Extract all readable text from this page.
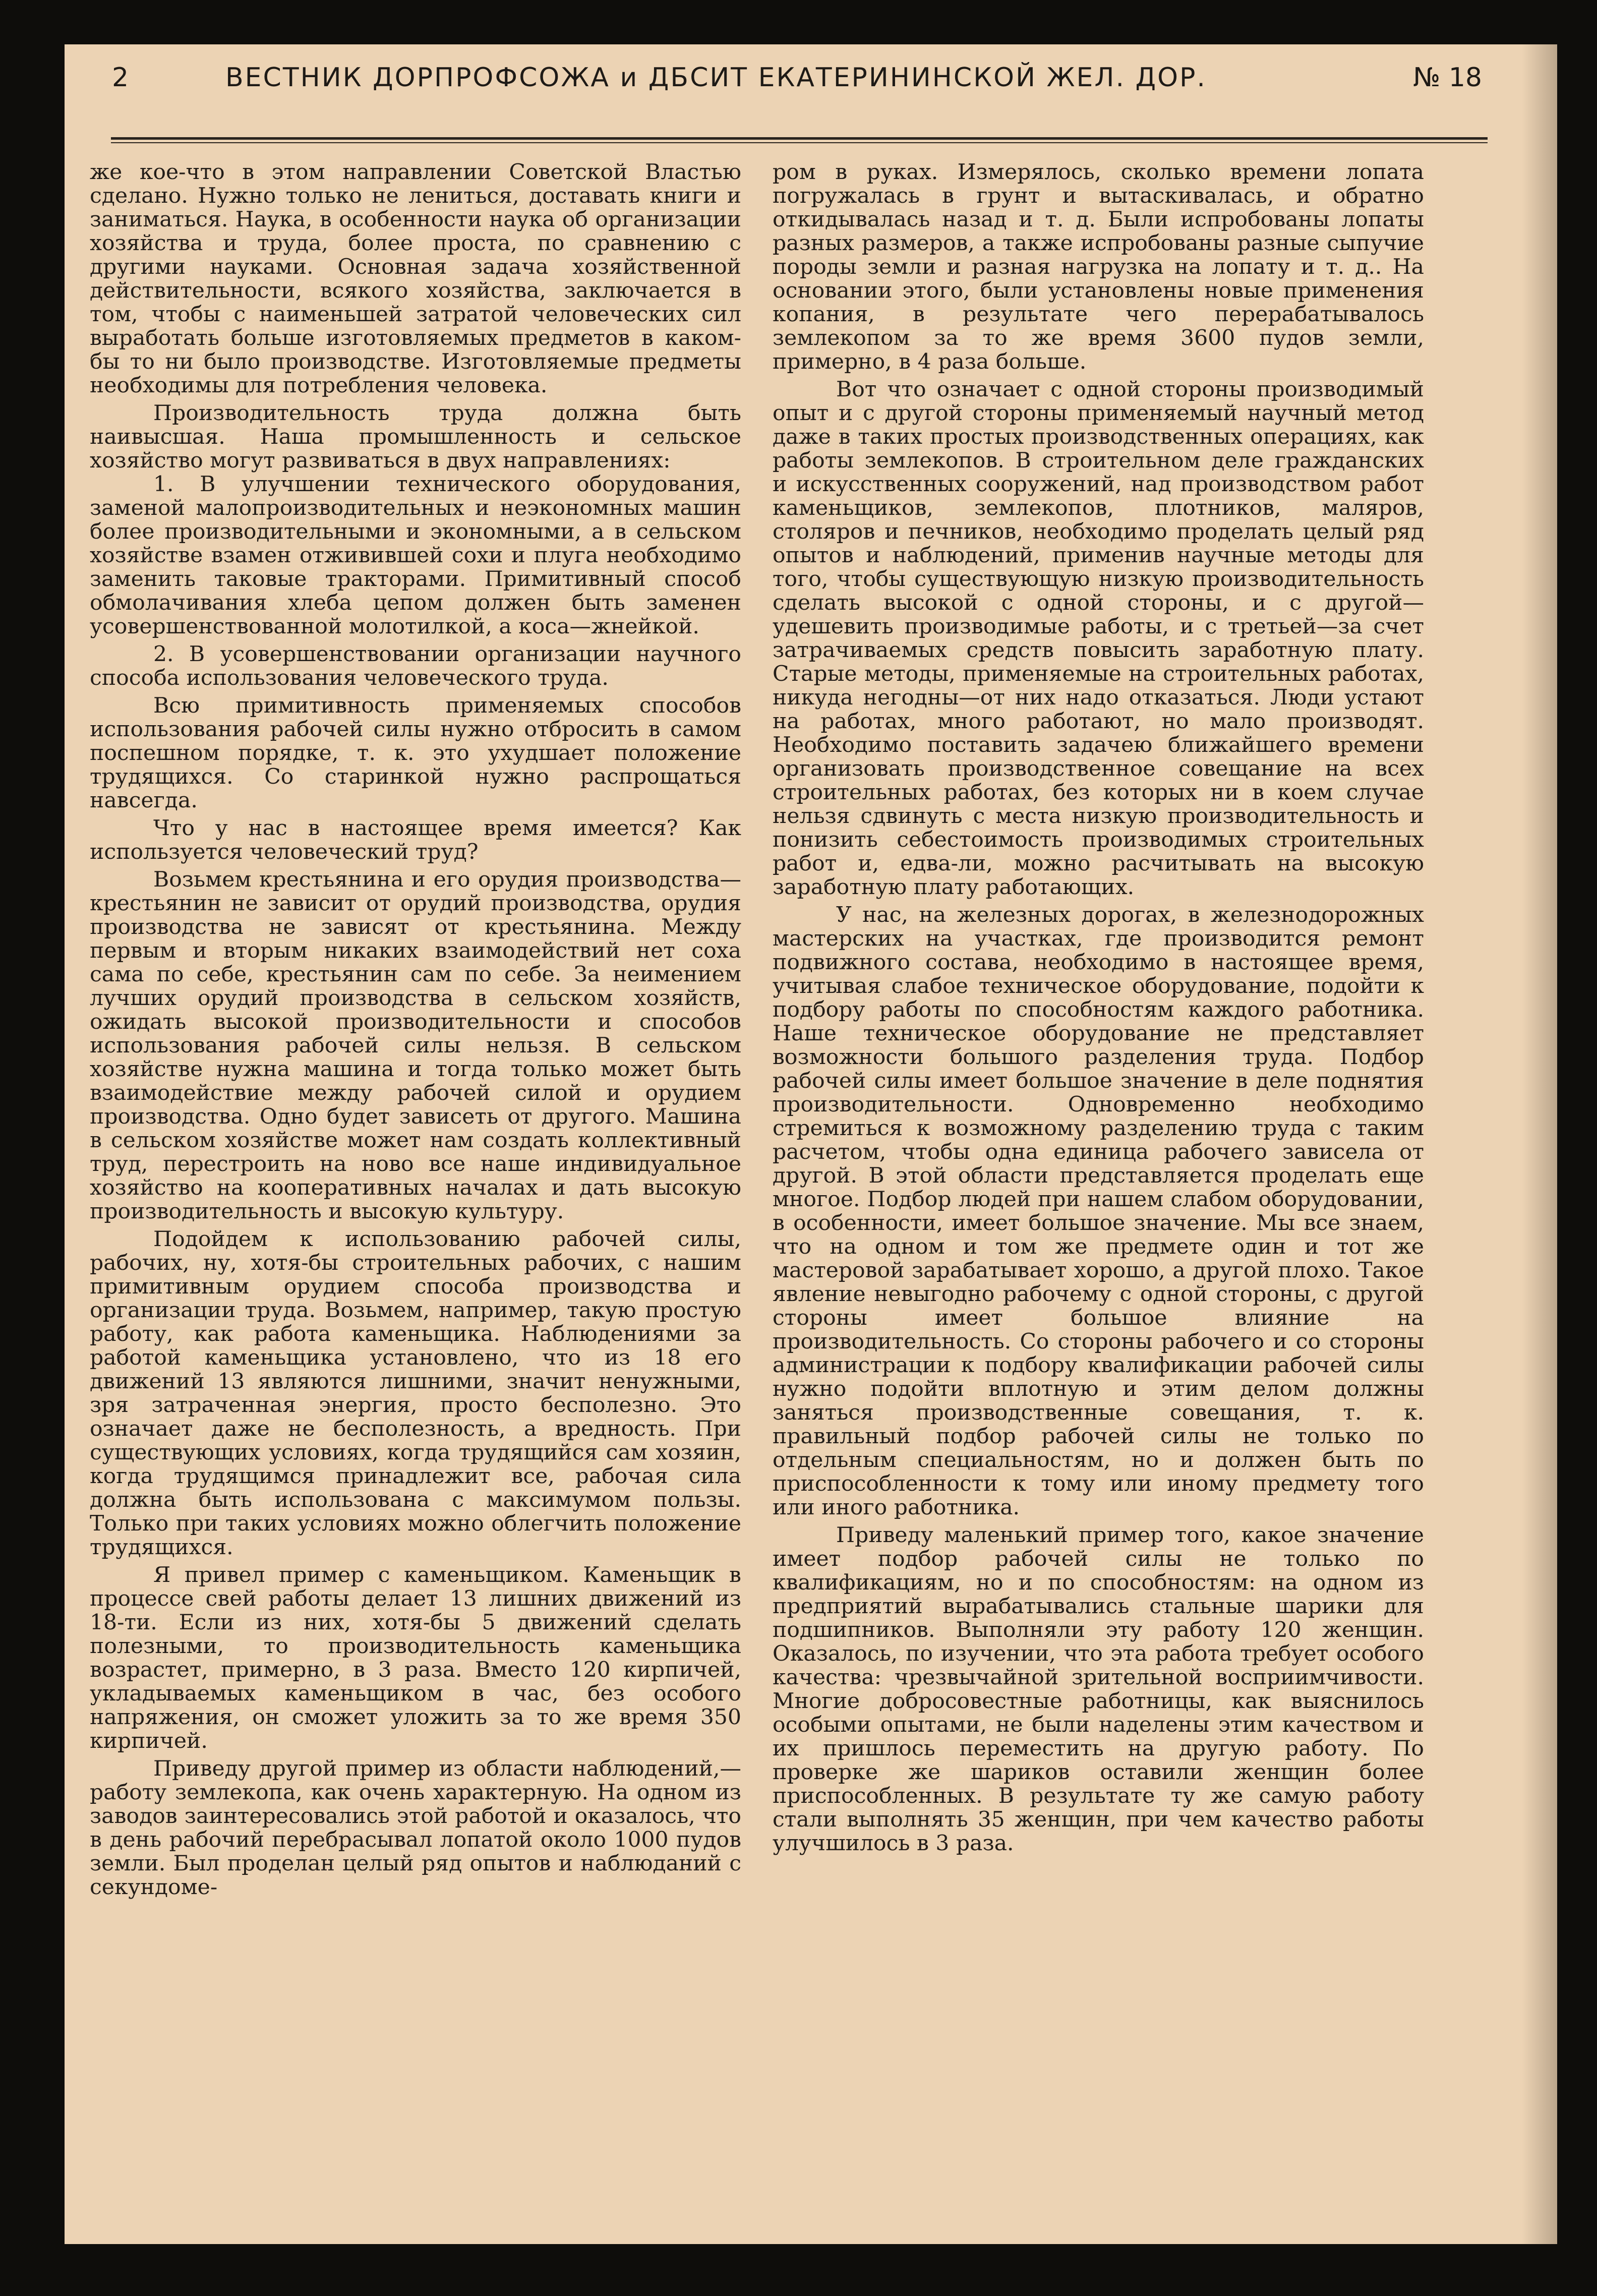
2	ВЕСТНИК ДОРПРОФСОЖА и ДБСИТ ЕКАТЕРИНИНСКОЙ ЖЕЛ. ДОР.	№ 18

же кое-что в этом направлении Советской Властью сделано. Нужно только не лениться, доставать книги и заниматься. Наука, в особенности наука об организации хозяйства и труда, более проста, по сравнению с другими науками. Основная задача хозяйственной действительности, всякого хозяйства, заключается в том, чтобы с наименьшей затратой человеческих сил выработать больше изготовляемых предметов в каком-бы то ни было производстве. Изготовляемые предметы необходимы для потребления человека.

Производительность труда должна быть наивысшая. Наша промышленность и сельское хозяйство могут развиваться в двух направлениях:

1. В улучшении технического оборудования, заменой малопроизводительных и неэкономных машин более производительными и экономными, а в сельском хозяйстве взамен отживившей сохи и плуга необходимо заменить таковые тракторами. Примитивный способ обмолачивания хлеба цепом должен быть заменен усовершенствованной молотилкой, а коса—жнейкой.

2. В усовершенствовании организации научного способа использования человеческого труда.

Всю примитивность применяемых способов использования рабочей силы нужно отбросить в самом поспешном порядке, т. к. это ухудшает положение трудящихся. Со старинкой нужно распрощаться навсегда.

Что у нас в настоящее время имеется? Как используется человеческий труд?

Возьмем крестьянина и его орудия производства—крестьянин не зависит от орудий производства, орудия производства не зависят от крестьянина. Между первым и вторым никаких взаимодействий нет соха сама по себе, крестьянин сам по себе. За неимением лучших орудий производства в сельском хозяйств, ожидать высокой производительности и способов использования рабочей силы нельзя. В сельском хозяйстве нужна машина и тогда только может быть взаимодействие между рабочей силой и орудием производства. Одно будет зависеть от другого. Машина в сельском хозяйстве может нам создать коллективный труд, перестроить на ново все наше индивидуальное хозяйство на кооперативных началах и дать высокую производительность и высокую культуру.

Подойдем к использованию рабочей силы, рабочих, ну, хотя-бы строительных рабочих, с нашим примитивным орудием способа производства и организации труда. Возьмем, например, такую простую работу, как работа каменьщика. Наблюдениями за работой каменьщика установлено, что из 18 его движений 13 являются лишними, значит ненужными, зря затраченная энергия, просто бесполезно. Это означает даже не бесполезность, а вредность. При существующих условиях, когда трудящийся сам хозяин, когда трудящимся принадлежит все, рабочая сила должна быть использована с максимумом пользы. Только при таких условиях можно облегчить положение трудящихся.

Я привел пример с каменьщиком. Каменьщик в процессе свей работы делает 13 лишних движений из 18-ти. Если из них, хотя-бы 5 движений сделать полезными, то производительность каменьщика возрастет, примерно, в 3 раза. Вместо 120 кирпичей, укладываемых каменьщиком в час, без особого напряжения, он сможет уложить за то же время 350 кирпичей.

Приведу другой пример из области наблюдений,—работу землекопа, как очень характерную. На одном из заводов заинтересовались этой работой и оказалось, что в день рабочий перебрасывал лопатой около 1000 пудов земли. Был проделан целый ряд опытов и наблюданий с секундоме-

ром в руках. Измерялось, сколько времени лопата погружалась в грунт и вытаскивалась, и обратно откидывалась назад и т. д. Были испробованы лопаты разных размеров, а также испробованы разные сыпучие породы земли и разная нагрузка на лопату и т. д.. На основании этого, были установлены новые применения копания, в результате чего перерабатывалось землекопом за то же время 3600 пудов земли, примерно, в 4 раза больше.

Вот что означает с одной стороны производимый опыт и с другой стороны применяемый научный метод даже в таких простых производственных операциях, как работы землекопов. В строительном деле гражданских и искусственных сооружений, над производством работ каменьщиков, землекопов, плотников, маляров, столяров и печников, необходимо проделать целый ряд опытов и наблюдений, применив научные методы для того, чтобы существующую низкую производительность сделать высокой с одной стороны, и с другой—удешевить производимые работы, и с третьей—за счет затрачиваемых средств повысить заработную плату. Старые методы, применяемые на строительных работах, никуда негодны—от них надо отказаться. Люди устают на работах, много работают, но мало производят. Необходимо поставить задачею ближайшего времени организовать производственное совещание на всех строительных работах, без которых ни в коем случае нельзя сдвинуть с места низкую производительность и понизить себестоимость производимых строительных работ и, едва-ли, можно расчитывать на высокую заработную плату работающих.

У нас, на железных дорогах, в железнодорожных мастерских на участках, где производится ремонт подвижного состава, необходимо в настоящее время, учитывая слабое техническое оборудование, подойти к подбору работы по способностям каждого работника. Наше техническое оборудование не представляет возможности большого разделения труда. Подбор рабочей силы имеет большое значение в деле поднятия производительности. Одновременно необходимо стремиться к возможному разделению труда с таким расчетом, чтобы одна единица рабочего зависела от другой. В этой области представляется проделать еще многое. Подбор людей при нашем слабом оборудовании, в особенности, имеет большое значение. Мы все знаем, что на одном и том же предмете один и тот же мастеровой зарабатывает хорошо, а другой плохо. Такое явление невыгодно рабочему с одной стороны, с другой стороны имеет большое влияние на производительность. Со стороны рабочего и со стороны администрации к подбору квалификации рабочей силы нужно подойти вплотную и этим делом должны заняться производственные совещания, т. к. правильный подбор рабочей силы не только по отдельным специальностям, но и должен быть по приспособленности к тому или иному предмету того или иного работника.

Приведу маленький пример того, какое значение имеет подбор рабочей силы не только по квалификациям, но и по способностям: на одном из предприятий вырабатывались стальные шарики для подшипников. Выполняли эту работу 120 женщин. Оказалось, по изучении, что эта работа требует особого качества: чрезвычайной зрительной восприимчивости. Многие добросовестные работницы, как выяснилось особыми опытами, не были наделены этим качеством и их пришлось переместить на другую работу. По проверке же шариков оставили женщин более приспособленных. В результате ту же самую работу стали выполнять 35 женщин, при чем качество работы улучшилось в 3 раза.
